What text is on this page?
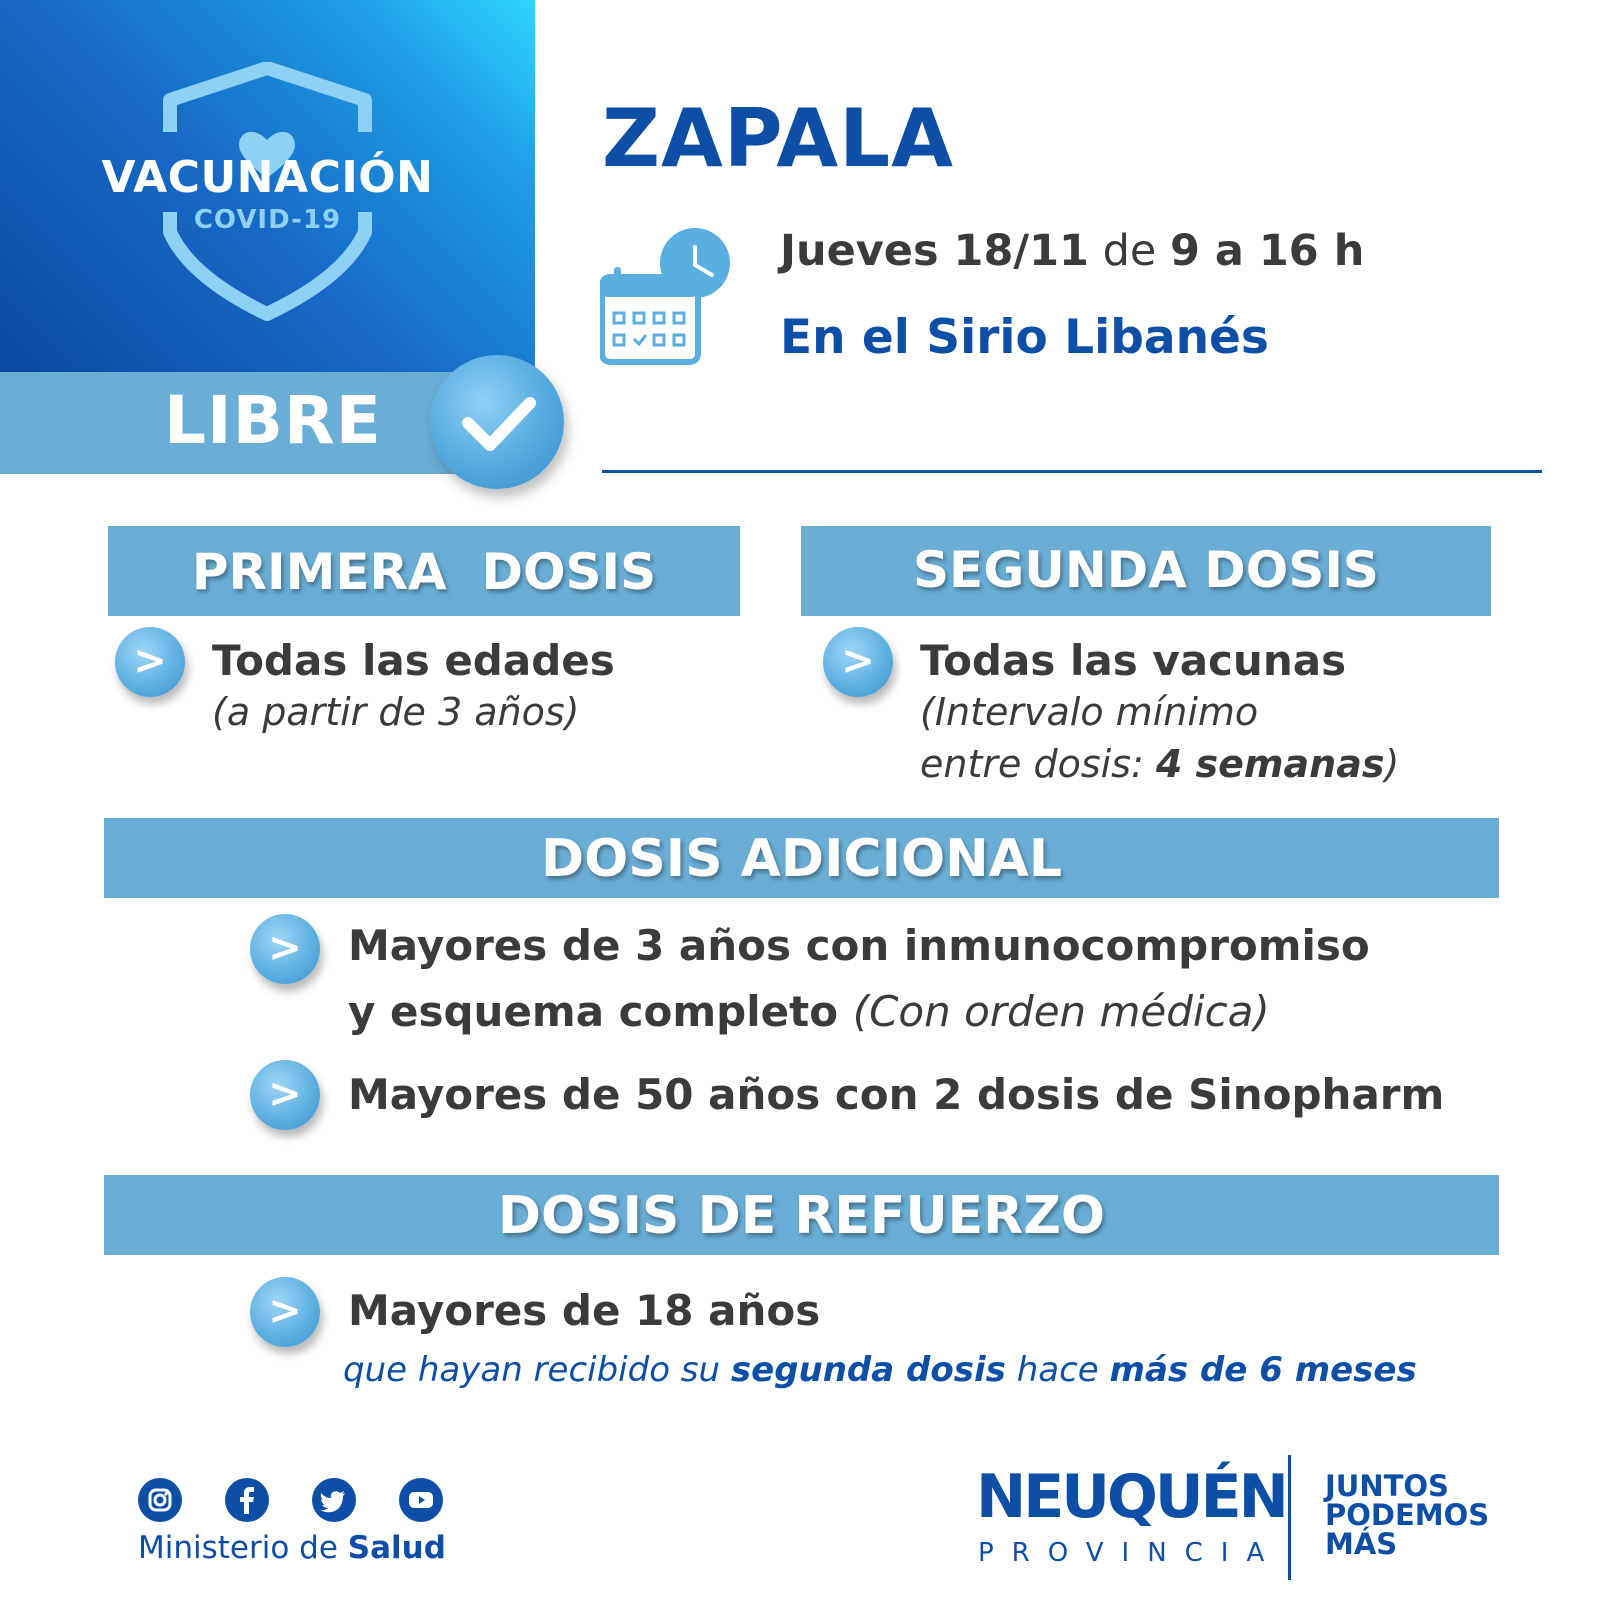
VACUNACIÓN
COVID-19
LIBRE
ZAPALA
Jueves 18/11 de 9 a 16 h
En el Sirio Libanés
PRIMERA  DOSIS
>	Todas las edades
(a partir de 3 años)
SEGUNDA DOSIS
>	Todas las vacunas
(Intervalo mínimo
entre dosis: 4 semanas)
DOSIS ADICIONAL
>	Mayores de 3 años con inmunocompromiso
y esquema completo (Con orden médica)
>	Mayores de 50 años con 2 dosis de Sinopharm
DOSIS DE REFUERZO
>	Mayores de 18 años
que hayan recibido su segunda dosis hace más de 6 meses
Ministerio de Salud
NEUQUÉN
PROVINCIA
JUNTOS
PODEMOS
MÁS
